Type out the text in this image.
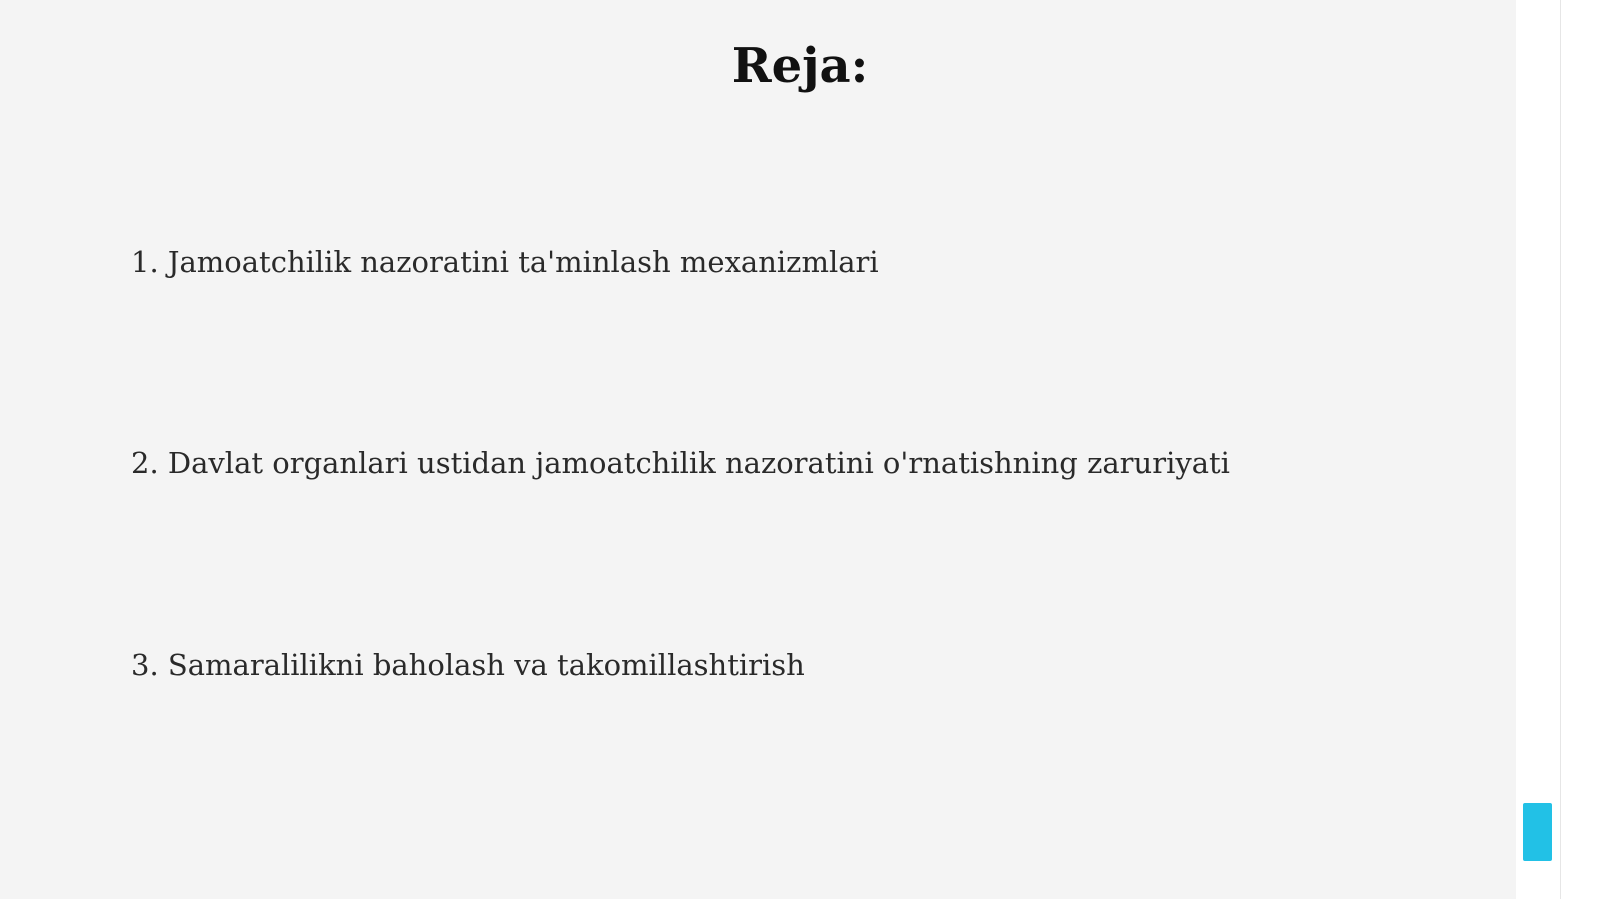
Reja:
1. Jamoatchilik nazoratini ta'minlash mexanizmlari
2. Davlat organlari ustidan jamoatchilik nazoratini o'rnatishning zaruriyati
3. Samaralilikni baholash va takomillashtirish
